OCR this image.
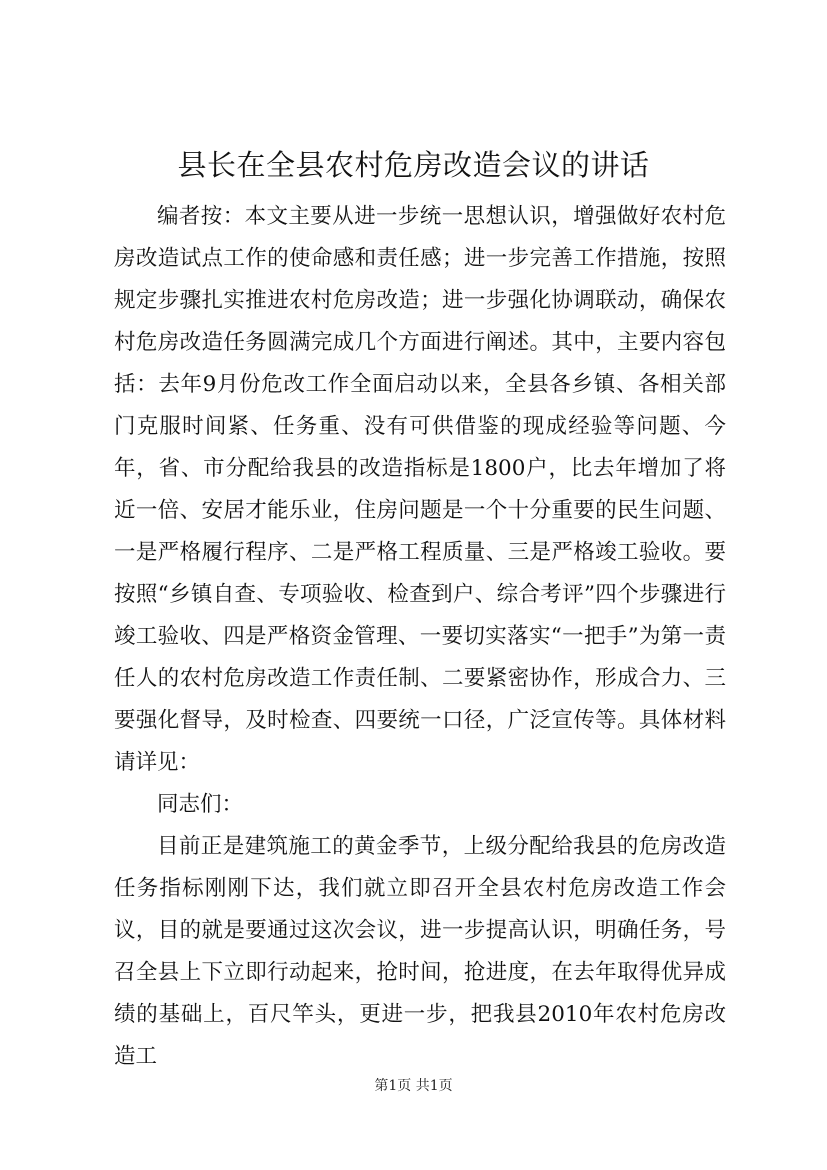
县长在全县农村危房改造会议的讲话

编者按：本文主要从进一步统一思想认识，增强做好农村危房改造试点工作的使命感和责任感；进一步完善工作措施，按照规定步骤扎实推进农村危房改造；进一步强化协调联动，确保农村危房改造任务圆满完成几个方面进行阐述。其中，主要内容包括：去年9月份危改工作全面启动以来，全县各乡镇、各相关部门克服时间紧、任务重、没有可供借鉴的现成经验等问题、今年，省、市分配给我县的改造指标是1800户，比去年增加了将近一倍、安居才能乐业，住房问题是一个十分重要的民生问题、一是严格履行程序、二是严格工程质量、三是严格竣工验收。要按照“乡镇自查、专项验收、检查到户、综合考评”四个步骤进行竣工验收、四是严格资金管理、一要切实落实“一把手”为第一责任人的农村危房改造工作责任制、二要紧密协作，形成合力、三要强化督导，及时检查、四要统一口径，广泛宣传等。具体材料请详见：

同志们：

目前正是建筑施工的黄金季节，上级分配给我县的危房改造任务指标刚刚下达，我们就立即召开全县农村危房改造工作会议，目的就是要通过这次会议，进一步提高认识，明确任务，号召全县上下立即行动起来，抢时间，抢进度，在去年取得优异成绩的基础上，百尺竿头，更进一步，把我县2010年农村危房改造工

第1页 共1页
